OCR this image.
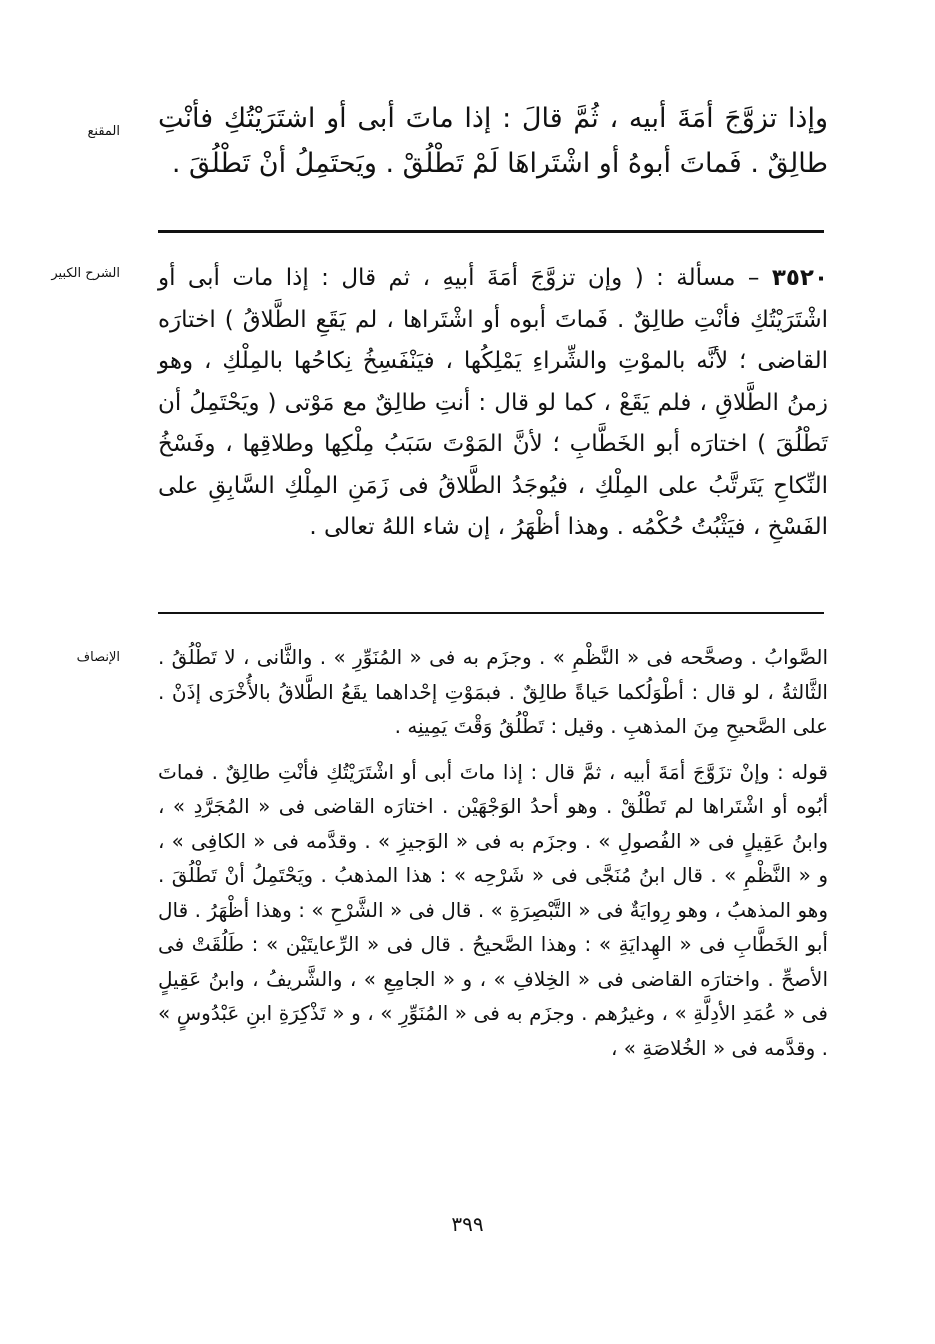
المقنع وإذا تزوَّجَ أمَةَ أبيه ، ثُمَّ قالَ : إذا ماتَ أبى أو اشتَرَيْتُكِ فأنْتِ طالِقٌ . فَماتَ أبوهُ أو اشْتَراهَا لَمْ تَطْلُقْ . ويَحتَمِلُ أنْ تَطْلُقَ .
الشرح الكبير	٣٥٢٠ – مسألة : ( وإن تزوَّجَ أمَةَ أبيهِ ، ثم قال : إذا مات أبى أو اشْتَرَيْتُكِ فأنْتِ طالِقٌ . فَماتَ أبوه أو اشْتَراها ، لم يَقَعِ الطَّلاقُ ) اختارَه القاضى ؛ لأنَّه بالموْتِ والشِّراءِ يَمْلِكُها ، فيَنْفَسِخُ نِكاحُها بالمِلْكِ ، وهو زمنُ الطَّلاقِ ، فلم يَقَعْ ، كما لو قال : أنتِ طالِقٌ مع مَوْتى ( ويَحْتَمِلُ أن تَطْلُقَ ) اختارَه أبو الخَطَّابِ ؛ لأنَّ المَوْتَ سَبَبُ مِلْكِها وطلاقِها ، وفَسْخُ النِّكاحِ يَتَرتَّبُ على المِلْكِ ، فيُوجَدُ الطَّلاقُ فى زَمَنِ المِلْكِ السَّابِقِ على الفَسْخِ ، فيَثْبُتُ حُكْمُه . وهذا أظْهَرُ ، إن شاء اللهُ تعالى .
الإنصاف الصَّوابُ . وصحَّحه فى « النَّظْمِ » . وجزَم به فى « المُنَوِّرِ » . والثَّانى ، لا تَطْلُقُ . الثَّالثةُ ، لو قال : أطْوَلُكما حَياةً طالِقٌ . فبمَوْتِ إحْداهما يقَعُ الطَّلاقُ بالأُخْرَى إذَنْ . على الصَّحيحِ مِنَ المذهبِ . وقيل : تَطْلُقُ وَقْتَ يَمِينِه .

قوله : وإنْ تزَوَّجَ أمَةَ أبيه ، ثمَّ قال : إذا ماتَ أبى أو اشْتَرَيْتُكِ فأنْتِ طالِقٌ . فماتَ أبُوه أو اشْتَراها لم تَطْلُقْ . وهو أحدُ الوَجْهَيْن . اختارَه القاضى فى « المُجَرَّدِ » ، وابنُ عَقِيلٍ فى « الفُصولِ » . وجزَم به فى « الوَجيزِ » . وقدَّمه فى « الكافِى » ، و « النَّظْمِ » . قال ابنُ مُنَجَّى فى « شَرْحِه » : هذا المذهبُ . ويَحْتَمِلُ أنْ تَطْلُقَ . وهو المذهبُ ، وهو رِوايَةٌ فى « التَّبْصِرَةِ » . قال فى « الشَّرْحِ » : وهذا أظْهَرُ . قال أبو الخَطَّابِ فى « الهِدايَةِ » : وهذا الصَّحيحُ . قال فى « الرِّعايتَيْن » : طَلُقَتْ فى الأصحِّ . واختارَه القاضى فى « الخِلافِ » ، و « الجامِعِ » ، والشَّريفُ ، وابنُ عَقِيلٍ فى « عُمَدِ الأدِلَّةِ » ، وغيرُهم . وجزَم به فى « المُنَوِّرِ » ، و « تَذْكِرَةِ ابنِ عَبْدُوسٍ » . وقدَّمه فى « الخُلاصَةِ » ،

٣٩٩
